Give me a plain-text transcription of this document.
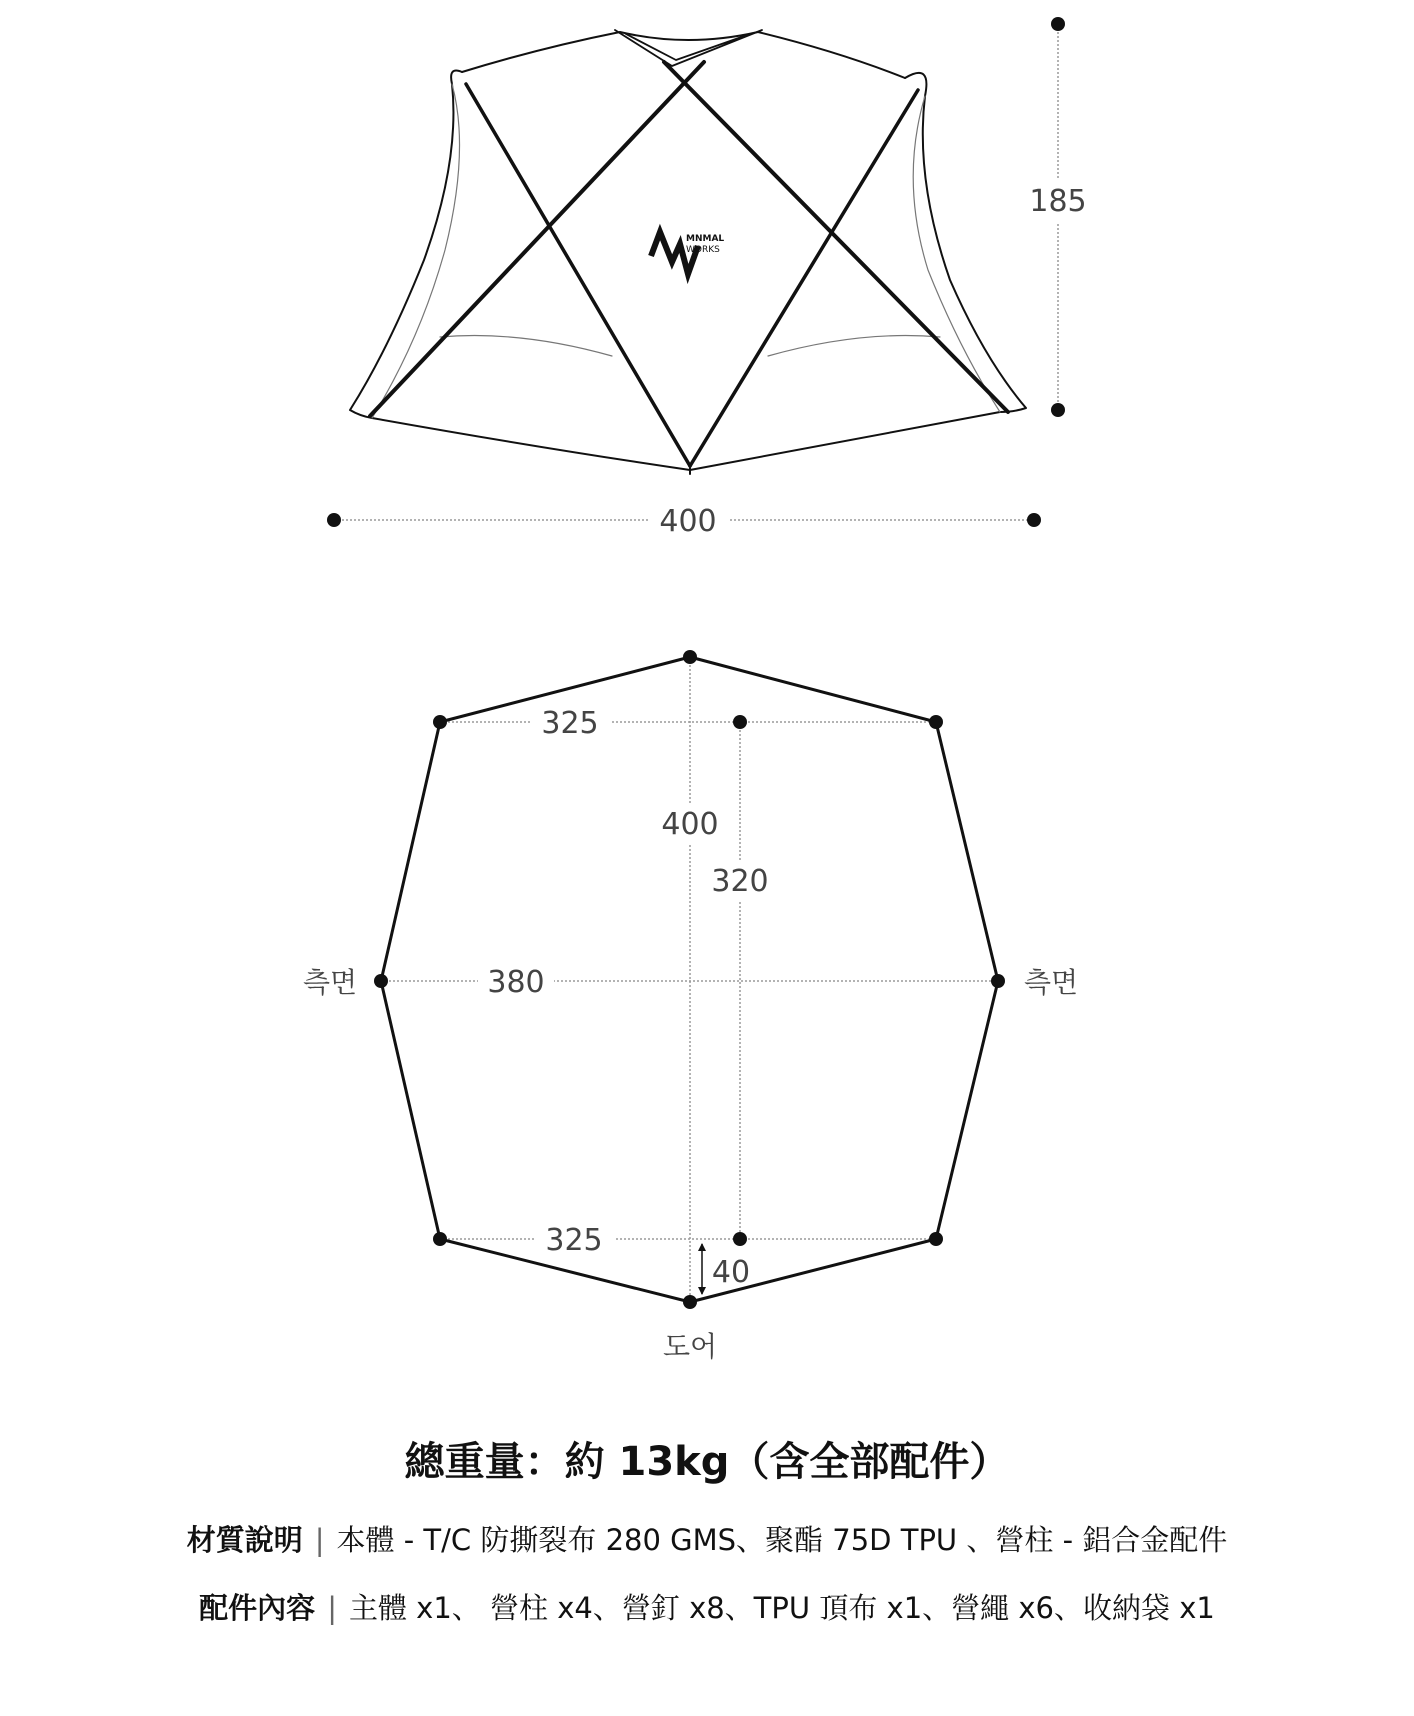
MNMAL
WORKS
185
400
325
325
400
320
380
40
측면	측면
도어
總重量：約 13kg（含全部配件）
材質說明 | 本體 - T/C 防撕裂布 280 GMS、聚酯 75D TPU 、營柱 - 鋁合金配件
配件內容 | 主體 x1、 營柱 x4、營釘 x8、TPU 頂布 x1、營繩 x6、收納袋 x1
